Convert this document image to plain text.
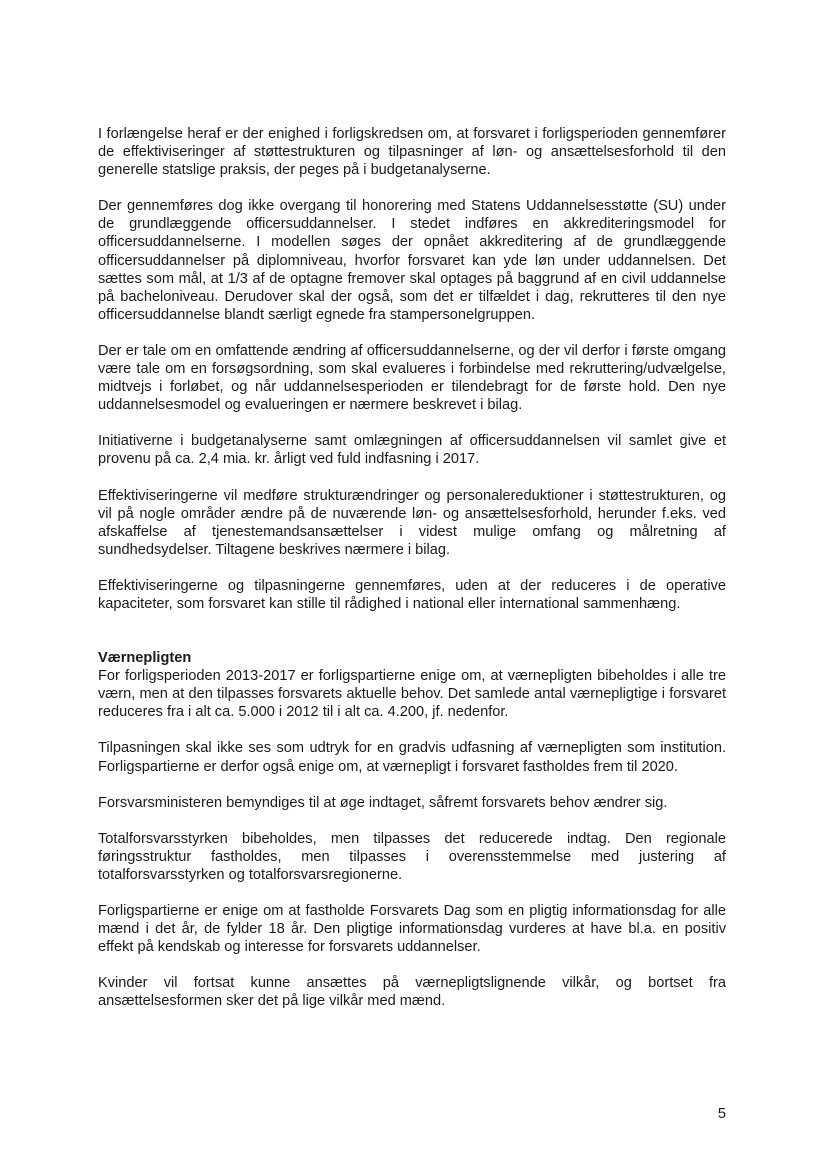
I forlængelse heraf er der enighed i forligskredsen om, at forsvaret i forligsperioden gennemfører de effektiviseringer af støttestrukturen og tilpasninger af løn- og ansættelsesforhold til den generelle statslige praksis, der peges på i budgetanalyserne.

Der gennemføres dog ikke overgang til honorering med Statens Uddannelsesstøtte (SU) under de grundlæggende officersuddannelser. I stedet indføres en akkrediteringsmodel for officersuddannelserne. I modellen søges der opnået akkreditering af de grundlæggende officersuddannelser på diplomniveau, hvorfor forsvaret kan yde løn under uddannelsen. Det sættes som mål, at 1/3 af de optagne fremover skal optages på baggrund af en civil uddannelse på bacheloniveau. Derudover skal der også, som det er tilfældet i dag, rekrutteres til den nye officersuddannelse blandt særligt egnede fra stampersonelgruppen.

Der er tale om en omfattende ændring af officersuddannelserne, og der vil derfor i første omgang være tale om en forsøgsordning, som skal evalueres i forbindelse med rekruttering/udvælgelse, midtvejs i forløbet, og når uddannelsesperioden er tilendebragt for de første hold. Den nye uddannelsesmodel og evalueringen er nærmere beskrevet i bilag.

Initiativerne i budgetanalyserne samt omlægningen af officersuddannelsen vil samlet give et provenu på ca. 2,4 mia. kr. årligt ved fuld indfasning i 2017.

Effektiviseringerne vil medføre strukturændringer og personalereduktioner i støttestrukturen, og vil på nogle områder ændre på de nuværende løn- og ansættelsesforhold, herunder f.eks. ved afskaffelse af tjenestemandsansættelser i videst mulige omfang og målretning af sundhedsydelser. Tiltagene beskrives nærmere i bilag.

Effektiviseringerne og tilpasningerne gennemføres, uden at der reduceres i de operative kapaciteter, som forsvaret kan stille til rådighed i national eller international sammenhæng.

Værnepligten

For forligsperioden 2013-2017 er forligspartierne enige om, at værnepligten bibeholdes i alle tre værn, men at den tilpasses forsvarets aktuelle behov. Det samlede antal værnepligtige i forsvaret reduceres fra i alt ca. 5.000 i 2012 til i alt ca. 4.200, jf. nedenfor.

Tilpasningen skal ikke ses som udtryk for en gradvis udfasning af værnepligten som institution. Forligspartierne er derfor også enige om, at værnepligt i forsvaret fastholdes frem til 2020.

Forsvarsministeren bemyndiges til at øge indtaget, såfremt forsvarets behov ændrer sig.

Totalforsvarsstyrken bibeholdes, men tilpasses det reducerede indtag. Den regionale føringsstruktur fastholdes, men tilpasses i overensstemmelse med justering af totalforsvarsstyrken og totalforsvarsregionerne.

Forligspartierne er enige om at fastholde Forsvarets Dag som en pligtig informationsdag for alle mænd i det år, de fylder 18 år. Den pligtige informationsdag vurderes at have bl.a. en positiv effekt på kendskab og interesse for forsvarets uddannelser.

Kvinder vil fortsat kunne ansættes på værnepligtslignende vilkår, og bortset fra ansættelsesformen sker det på lige vilkår med mænd.

5
